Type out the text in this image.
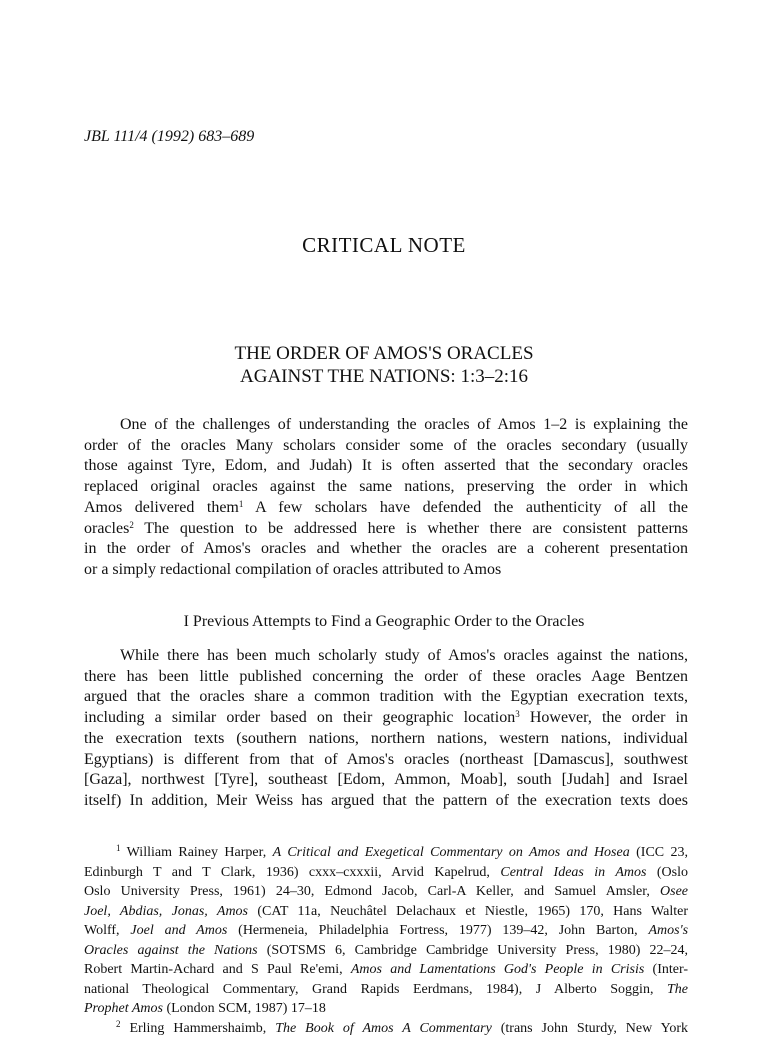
JBL 111/4 (1992) 683–689
CRITICAL NOTE
THE ORDER OF AMOS'S ORACLES
AGAINST THE NATIONS: 1:3–2:16
One of the challenges of understanding the oracles of Amos 1–2 is explaining the
order of the oracles Many scholars consider some of the oracles secondary (usually
those against Tyre, Edom, and Judah) It is often asserted that the secondary oracles
replaced original oracles against the same nations, preserving the order in which
Amos delivered them$^1$ A few scholars have defended the authenticity of all the
oracles$^2$ The question to be addressed here is whether there are consistent patterns
in the order of Amos's oracles and whether the oracles are a coherent presentation
or a simply redactional compilation of oracles attributed to Amos
I Previous Attempts to Find a Geographic Order to the Oracles
While there has been much scholarly study of Amos's oracles against the nations,
there has been little published concerning the order of these oracles Aage Bentzen
argued that the oracles share a common tradition with the Egyptian execration texts,
including a similar order based on their geographic location$^3$ However, the order in
the execration texts (southern nations, northern nations, western nations, individual
Egyptians) is different from that of Amos's oracles (northeast [Damascus], southwest
[Gaza], northwest [Tyre], southeast [Edom, Ammon, Moab], south [Judah] and Israel
itself) In addition, Meir Weiss has argued that the pattern of the execration texts does
$^1$ William Rainey Harper, A Critical and Exegetical Commentary on Amos and Hosea (ICC 23,
Edinburgh T and T Clark, 1936) cxxx–cxxxii, Arvid Kapelrud, Central Ideas in Amos (Oslo
Oslo University Press, 1961) 24–30, Edmond Jacob, Carl-A Keller, and Samuel Amsler, Osee
Joel, Abdias, Jonas, Amos (CAT 11a, Neuchâtel Delachaux et Niestle, 1965) 170, Hans Walter
Wolff, Joel and Amos (Hermeneia, Philadelphia Fortress, 1977) 139–42, John Barton, Amos's
Oracles against the Nations (SOTSMS 6, Cambridge Cambridge University Press, 1980) 22–24,
Robert Martin-Achard and S Paul Re'emi, Amos and Lamentations God's People in Crisis (Inter-
national Theological Commentary, Grand Rapids Eerdmans, 1984), J Alberto Soggin, The
Prophet Amos (London SCM, 1987) 17–18
$^2$ Erling Hammershaimb, The Book of Amos A Commentary (trans John Sturdy, New York
